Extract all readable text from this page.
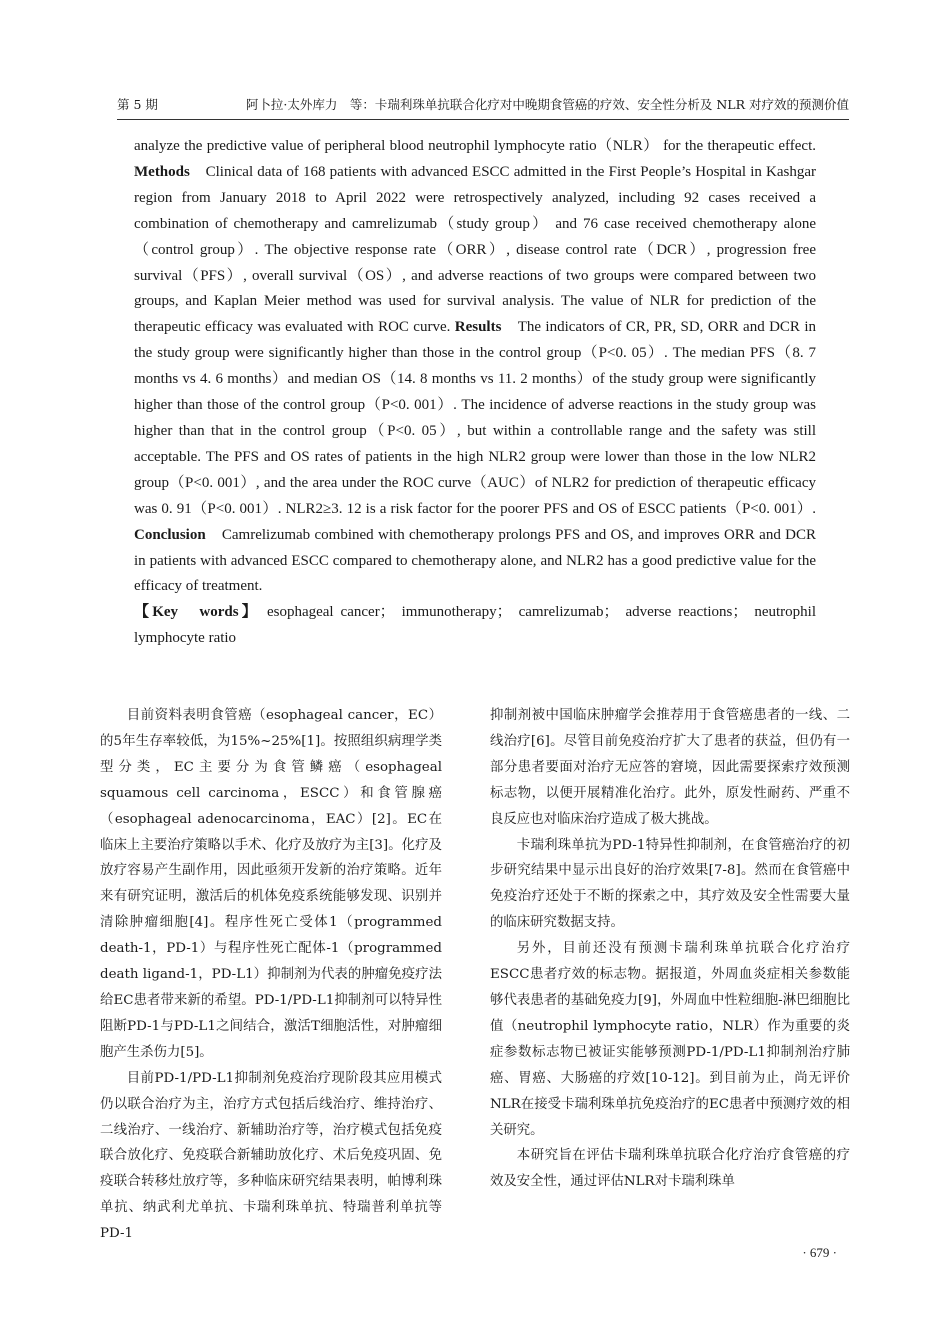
第 5 期	阿卜拉·太外库力　等：卡瑞利珠单抗联合化疗对中晚期食管癌的疗效、安全性分析及 NLR 对疗效的预测价值

analyze the predictive value of peripheral blood neutrophil lymphocyte ratio（NLR） for the therapeutic effect. Methods　Clinical data of 168 patients with advanced ESCC admitted in the First People’s Hospital in Kashgar region from January 2018 to April 2022 were retrospectively analyzed, including 92 cases received a combination of chemotherapy and camrelizumab（study group） and 76 case received chemotherapy alone（control group）. The objective response rate（ORR）, disease control rate（DCR）, progression free survival（PFS）, overall survival（OS）, and adverse reactions of two groups were compared between two groups, and Kaplan Meier method was used for survival analysis. The value of NLR for prediction of the therapeutic efficacy was evaluated with ROC curve. Results　The indicators of CR, PR, SD, ORR and DCR in the study group were significantly higher than those in the control group（P<0. 05）. The median PFS（8. 7 months vs 4. 6 months）and median OS（14. 8 months vs 11. 2 months）of the study group were significantly higher than those of the control group（P<0. 001）. The incidence of adverse reactions in the study group was higher than that in the control group（P<0. 05）, but within a controllable range and the safety was still acceptable. The PFS and OS rates of patients in the high NLR2 group were lower than those in the low NLR2 group（P<0. 001）, and the area under the ROC curve（AUC）of NLR2 for prediction of therapeutic efficacy was 0. 91（P<0. 001）. NLR2≥3. 12 is a risk factor for the poorer PFS and OS of ESCC patients（P<0. 001）. Conclusion　Camrelizumab combined with chemotherapy prolongs PFS and OS, and improves ORR and DCR in patients with advanced ESCC compared to chemotherapy alone, and NLR2 has a good predictive value for the efficacy of treatment.

【Key　words】 esophageal cancer； immunotherapy； camrelizumab； adverse reactions； neutrophil lymphocyte ratio

目前资料表明食管癌（esophageal cancer，EC）的5年生存率较低，为15%~25%[1]。按照组织病理学类型分类，EC主要分为食管鳞癌（esophageal squamous cell carcinoma，ESCC）和食管腺癌（esophageal adenocarcinoma，EAC）[2]。EC在临床上主要治疗策略以手术、化疗及放疗为主[3]。化疗及放疗容易产生副作用，因此亟须开发新的治疗策略。近年来有研究证明，激活后的机体免疫系统能够发现、识别并清除肿瘤细胞[4]。程序性死亡受体1（programmed death-1，PD-1）与程序性死亡配体-1（programmed death ligand-1，PD-L1）抑制剂为代表的肿瘤免疫疗法给EC患者带来新的希望。PD-1/PD-L1抑制剂可以特异性阻断PD-1与PD-L1之间结合，激活T细胞活性，对肿瘤细胞产生杀伤力[5]。

目前PD-1/PD-L1抑制剂免疫治疗现阶段其应用模式仍以联合治疗为主，治疗方式包括后线治疗、维持治疗、二线治疗、一线治疗、新辅助治疗等，治疗模式包括免疫联合放化疗、免疫联合新辅助放化疗、术后免疫巩固、免疫联合转移灶放疗等，多种临床研究结果表明，帕博利珠单抗、纳武利尤单抗、卡瑞利珠单抗、特瑞普利单抗等PD-1

抑制剂被中国临床肿瘤学会推荐用于食管癌患者的一线、二线治疗[6]。尽管目前免疫治疗扩大了患者的获益，但仍有一部分患者要面对治疗无应答的窘境，因此需要探索疗效预测标志物，以便开展精准化治疗。此外，原发性耐药、严重不良反应也对临床治疗造成了极大挑战。

卡瑞利珠单抗为PD-1特异性抑制剂，在食管癌治疗的初步研究结果中显示出良好的治疗效果[7-8]。然而在食管癌中免疫治疗还处于不断的探索之中，其疗效及安全性需要大量的临床研究数据支持。

另外，目前还没有预测卡瑞利珠单抗联合化疗治疗ESCC患者疗效的标志物。据报道，外周血炎症相关参数能够代表患者的基础免疫力[9]，外周血中性粒细胞-淋巴细胞比值（neutrophil lymphocyte ratio，NLR）作为重要的炎症参数标志物已被证实能够预测PD-1/PD-L1抑制剂治疗肺癌、胃癌、大肠癌的疗效[10-12]。到目前为止，尚无评价NLR在接受卡瑞利珠单抗免疫治疗的EC患者中预测疗效的相关研究。

本研究旨在评估卡瑞利珠单抗联合化疗治疗食管癌的疗效及安全性，通过评估NLR对卡瑞利珠单

· 679 ·
